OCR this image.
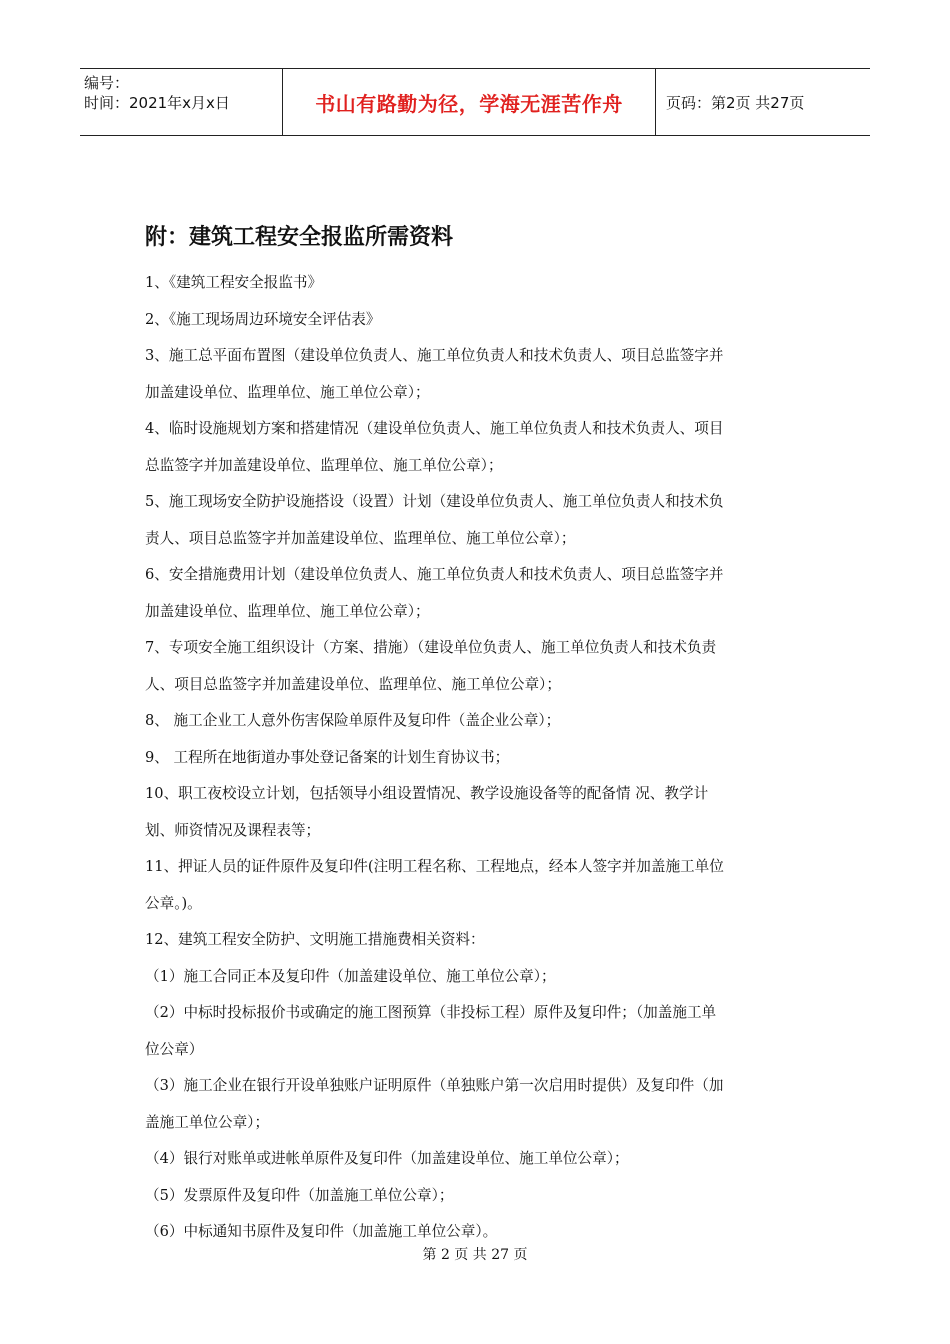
编号：
时间：2021年x月x日	书山有路勤为径，学海无涯苦作舟	页码：第2页 共27页
附：建筑工程安全报监所需资料
1、《建筑工程安全报监书》
2、《施工现场周边环境安全评估表》
3、施工总平面布置图（建设单位负责人、施工单位负责人和技术负责人、项目总监签字并
加盖建设单位、监理单位、施工单位公章）；
4、临时设施规划方案和搭建情况（建设单位负责人、施工单位负责人和技术负责人、项目
总监签字并加盖建设单位、监理单位、施工单位公章）；
5、施工现场安全防护设施搭设（设置）计划（建设单位负责人、施工单位负责人和技术负
责人、项目总监签字并加盖建设单位、监理单位、施工单位公章）；
6、安全措施费用计划（建设单位负责人、施工单位负责人和技术负责人、项目总监签字并
加盖建设单位、监理单位、施工单位公章）；
7、专项安全施工组织设计（方案、措施）（建设单位负责人、施工单位负责人和技术负责
人、项目总监签字并加盖建设单位、监理单位、施工单位公章）；
8、 施工企业工人意外伤害保险单原件及复印件（盖企业公章）；
9、 工程所在地街道办事处登记备案的计划生育协议书；
10、职工夜校设立计划，包括领导小组设置情况、教学设施设备等的配备情 况、教学计
划、师资情况及课程表等；
11、押证人员的证件原件及复印件(注明工程名称、工程地点，经本人签字并加盖施工单位
公章。)。
12、建筑工程安全防护、文明施工措施费相关资料：
（1）施工合同正本及复印件（加盖建设单位、施工单位公章）；
（2）中标时投标报价书或确定的施工图预算（非投标工程）原件及复印件；（加盖施工单
位公章）
（3）施工企业在银行开设单独账户证明原件（单独账户第一次启用时提供）及复印件（加
盖施工单位公章）；
（4）银行对账单或进帐单原件及复印件（加盖建设单位、施工单位公章）；
（5）发票原件及复印件（加盖施工单位公章）；
（6）中标通知书原件及复印件（加盖施工单位公章）。
第 2 页 共 27 页
